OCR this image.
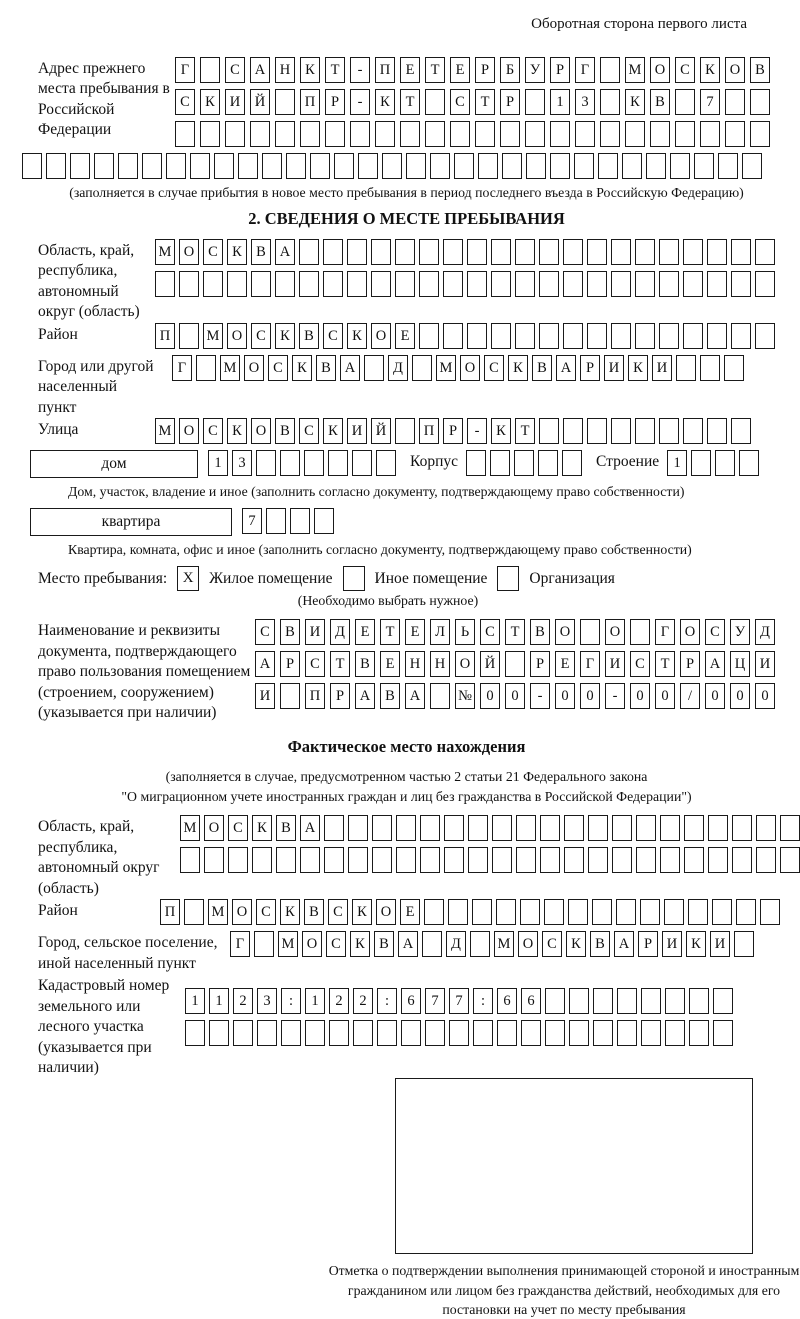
Оборотная сторона первого листа
Адрес прежнего места пребывания в Российской Федерации
Г	С	А	Н	К	Т	-	П	Е	Т	Е	Р	Б	У	Р	Г	М О	С	К	О	В
С	К	И	Й	П	Р	-	К	Т	С	Т	Р	1	3	К	В	7
(заполняется в случае прибытия в новое место пребывания в период последнего въезда в Российскую Федерацию)
2. СВЕДЕНИЯ О МЕСТЕ ПРЕБЫВАНИЯ
Область, край, республика, автономный округ (область)
М О С К В А
Район	П	М О С К В С К О Е
Город или другой населенный пункт
Г	М О С К В А	Д	М О С К В А	Р	И К И
Улица	М О С К О В С К И Й	П	Р	-	К	Т
дом	1	3	Корпус	Строение 1
Дом, участок, владение и иное (заполнить согласно документу, подтверждающему право собственности)
квартира	7
Квартира, комната, офис и иное (заполнить согласно документу, подтверждающему право собственности)
Место пребывания:	X	Жилое помещение	Иное помещение	Организация
(Необходимо выбрать нужное)
Наименование и реквизиты документа, подтверждающего право пользования помещением (строением, сооружением) (указывается при наличии)
С	В	И	Д	Е	Т	Е	Л	Ь	С	Т	В	О	О	Г	О	С	У	Д
А	Р	С	Т	В	Е	Н	Н	О	Й	Р	Е	Г	И	С	Т	Р	А	Ц	И
И	П	Р	А	В	А	№ 0	0	-	0	0	-	0	0	/	0	0	0
Фактическое место нахождения
(заполняется в случае, предусмотренном частью 2 статьи 21 Федерального закона
"О миграционном учете иностранных граждан и лиц без гражданства в Российской Федерации")
Область, край, республика, автономный округ (область)
М О С К В А
Район	П	М О С К В С К О Е
Город, сельское поселение, иной населенный пункт
Г	М О С К В А	Д	М О С К В А	Р	И К И
Кадастровый номер земельного или лесного участка (указывается при наличии)
1	1	2	3	:	1	2	2	:	6	7	7	:	6	6
Отметка о подтверждении выполнения принимающей стороной и иностранным гражданином или лицом без гражданства действий, необходимых для его постановки на учет по месту пребывания
